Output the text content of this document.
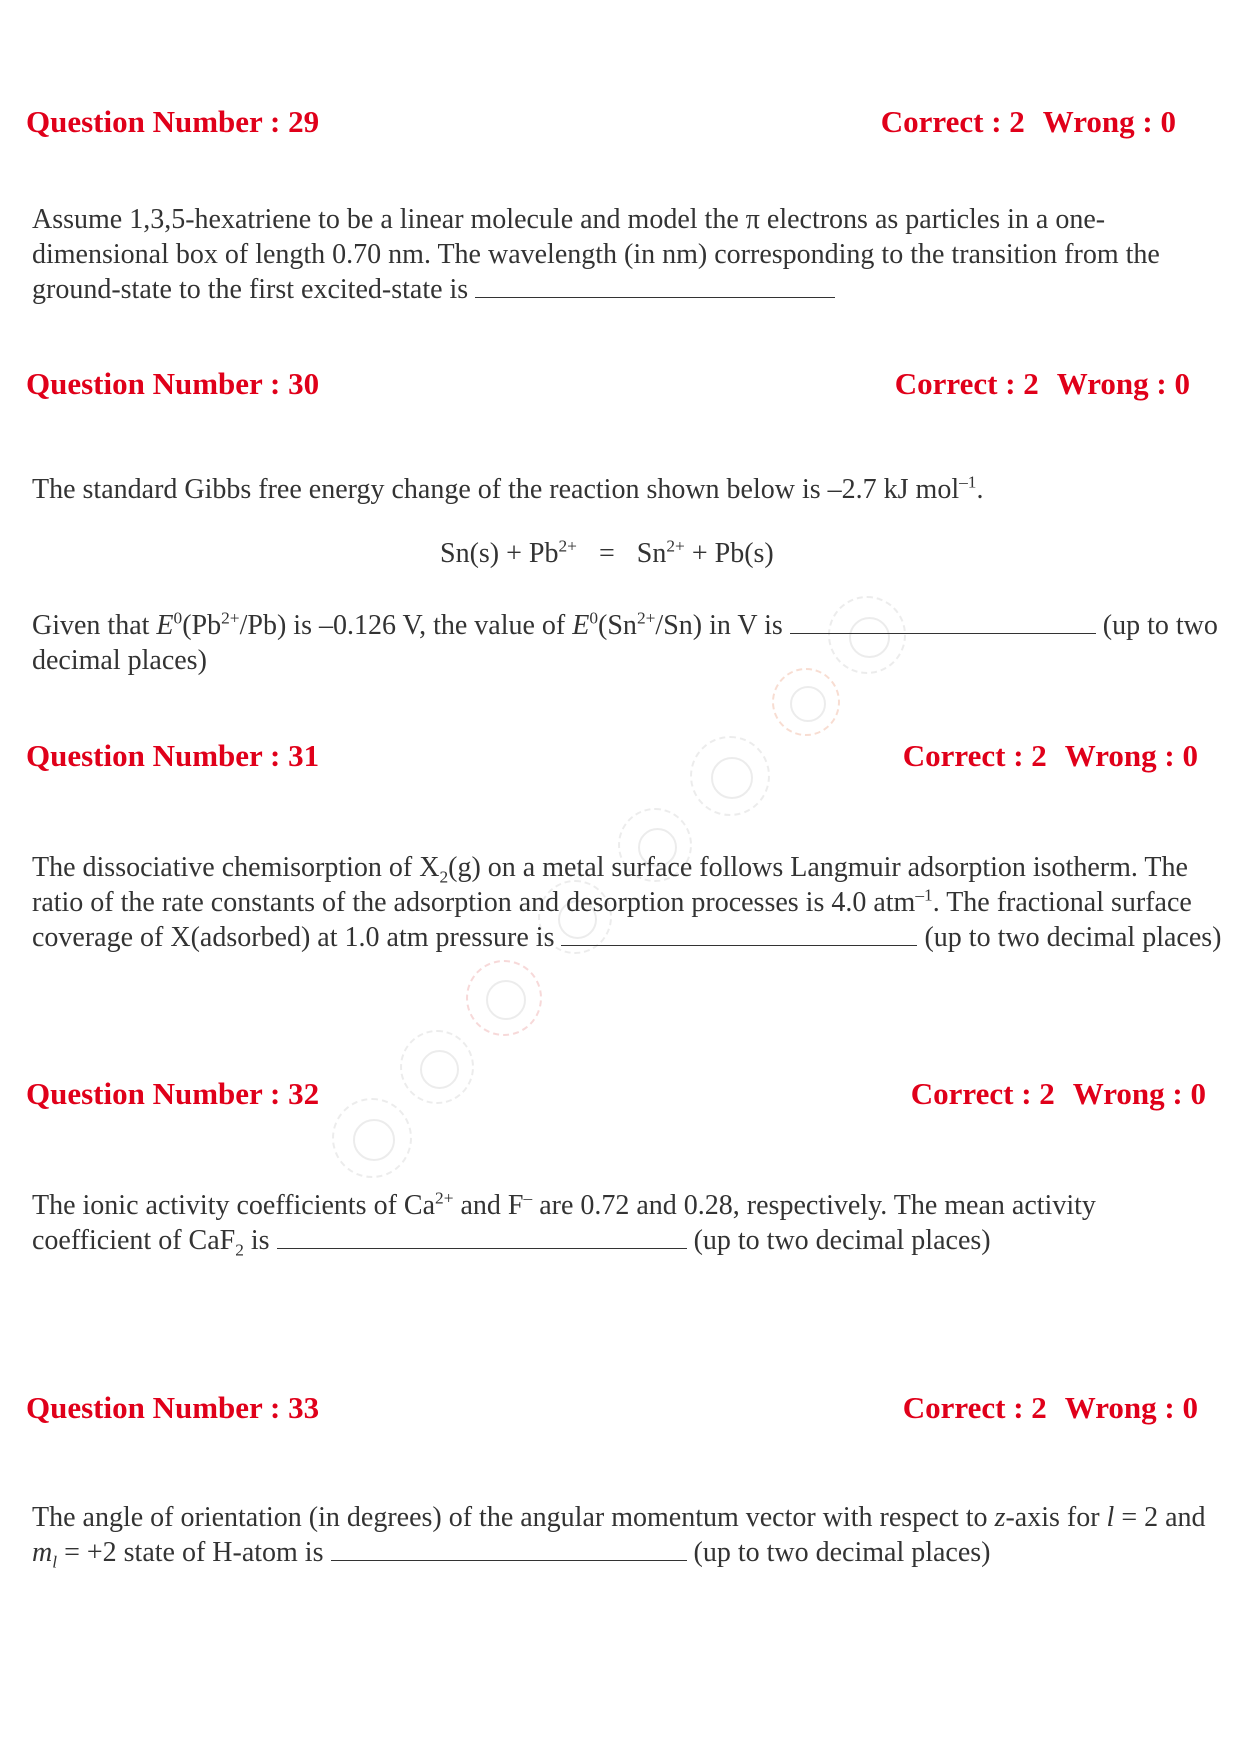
Question Number : 29	Correct : 2 Wrong : 0
Assume 1,3,5-hexatriene to be a linear molecule and model the π electrons as particles in a one-dimensional box of length 0.70 nm. The wavelength (in nm) corresponding to the transition from the ground-state to the first excited-state is
Question Number : 30	Correct : 2 Wrong : 0
The standard Gibbs free energy change of the reaction shown below is –2.7 kJ mol$^{-1}$.
$Sn(s) + Pb^{2+} = Sn^{2+} + Pb(s)$
Given that $E^0(Pb^{2+}/Pb)$ is –0.126 V, the value of $E^0(Sn^{2+}/Sn)$ in V is	(up to two decimal places)
Question Number : 31	Correct : 2 Wrong : 0
The dissociative chemisorption of $X_2(g)$ on a metal surface follows Langmuir adsorption isotherm. The ratio of the rate constants of the adsorption and desorption processes is 4.0 atm$^{-1}$. The fractional surface coverage of X(adsorbed) at 1.0 atm pressure is	(up to two decimal places)
Question Number : 32	Correct : 2 Wrong : 0
The ionic activity coefficients of $Ca^{2+}$ and F– are 0.72 and 0.28, respectively. The mean activity coefficient of CaF$_2$ is	(up to two decimal places)
Question Number : 33	Correct : 2 Wrong : 0
The angle of orientation (in degrees) of the angular momentum vector with respect to z-axis for l = 2 and $m_l = +2$ state of H-atom is	(up to two decimal places)
